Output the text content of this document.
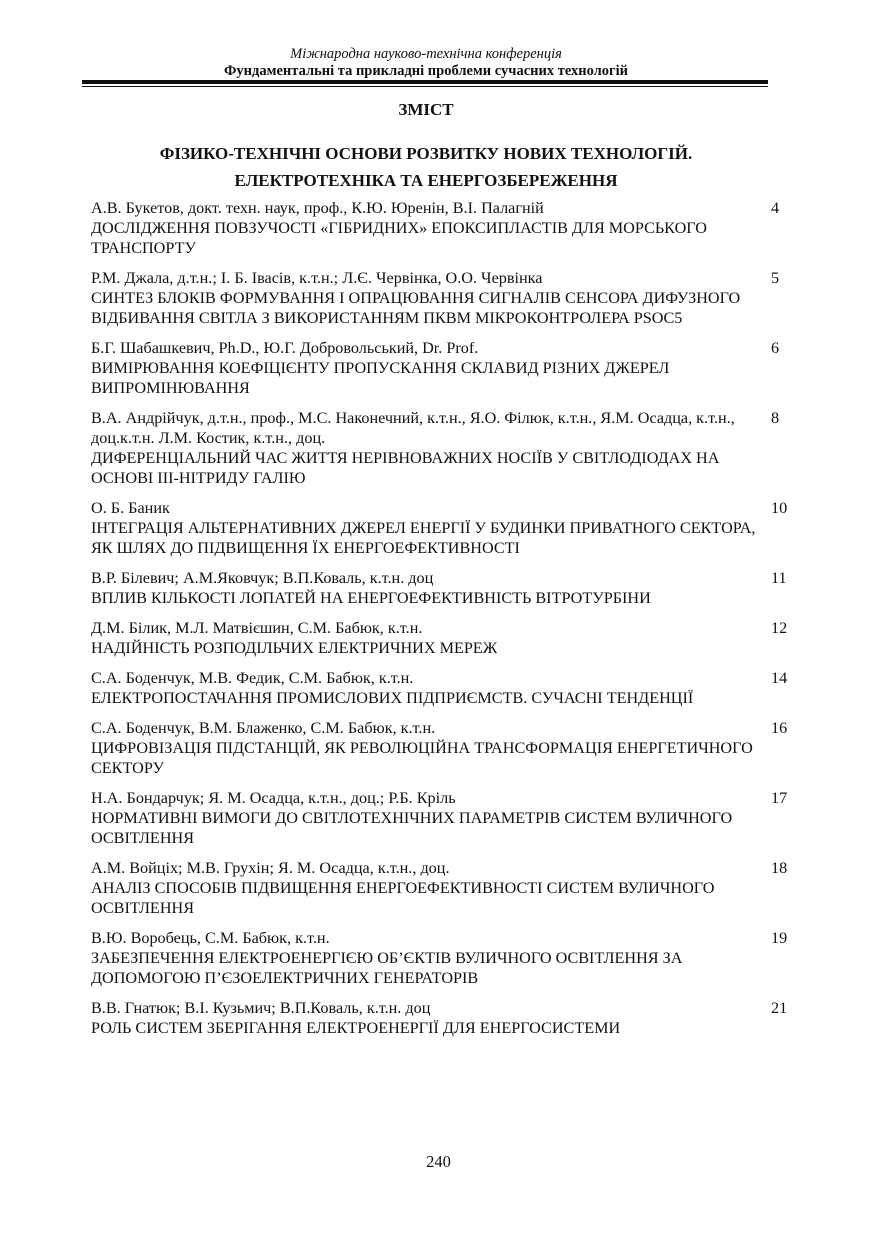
Міжнародна науково-технічна конференція
Фундаментальні та прикладні проблеми сучасних технологій
ЗМІСТ
ФІЗИКО-ТЕХНІЧНІ ОСНОВИ РОЗВИТКУ НОВИХ ТЕХНОЛОГІЙ.
ЕЛЕКТРОТЕХНІКА ТА ЕНЕРГОЗБЕРЕЖЕННЯ
А.В. Букетов, докт. техн. наук, проф., К.Ю. Юренін, В.І. Палагній
ДОСЛІДЖЕННЯ ПОВЗУЧОСТІ «ГІБРИДНИХ» ЕПОКСИПЛАСТІВ ДЛЯ МОРСЬКОГО ТРАНСПОРТУ
4
Р.М. Джала, д.т.н.; І. Б. Івасів, к.т.н.; Л.Є. Червінка, О.О. Червінка
СИНТЕЗ БЛОКІВ ФОРМУВАННЯ І ОПРАЦЮВАННЯ СИГНАЛІВ СЕНСОРА ДИФУЗНОГО ВІДБИВАННЯ СВІТЛА З ВИКОРИСТАННЯМ ПКВМ МІКРОКОНТРОЛЕРА PSOC5
5
Б.Г. Шабашкевич, Ph.D., Ю.Г. Добровольський, Dr. Prof.
ВИМІРЮВАННЯ КОЕФІЦІЄНТУ ПРОПУСКАННЯ СКЛАВИД РІЗНИХ ДЖЕРЕЛ ВИПРОМІНЮВАННЯ
6
В.А. Андрійчук, д.т.н., проф., М.С. Наконечний, к.т.н., Я.О. Філюк, к.т.н., Я.М. Осадца, к.т.н., доц.к.т.н. Л.М. Костик, к.т.н., доц.
ДИФЕРЕНЦІАЛЬНИЙ ЧАС ЖИТТЯ НЕРІВНОВАЖНИХ НОСІЇВ У СВІТЛОДІОДАХ НА ОСНОВІ ІІІ-НІТРИДУ ГАЛІЮ
8
О. Б. Баник
ІНТЕГРАЦІЯ АЛЬТЕРНАТИВНИХ ДЖЕРЕЛ ЕНЕРГІЇ У БУДИНКИ ПРИВАТНОГО СЕКТОРА, ЯК ШЛЯХ ДО ПІДВИЩЕННЯ ЇХ ЕНЕРГОЕФЕКТИВНОСТІ
10
В.Р. Білевич; А.М.Яковчук; В.П.Коваль, к.т.н. доц
ВПЛИВ КІЛЬКОСТІ ЛОПАТЕЙ НА ЕНЕРГОЕФЕКТИВНІСТЬ ВІТРОТУРБІНИ
11
Д.М. Білик, М.Л. Матвієшин, С.М. Бабюк, к.т.н.
НАДІЙНІСТЬ РОЗПОДІЛЬЧИХ ЕЛЕКТРИЧНИХ МЕРЕЖ
12
С.А. Боденчук, М.В. Федик, С.М. Бабюк, к.т.н.
ЕЛЕКТРОПОСТАЧАННЯ ПРОМИСЛОВИХ ПІДПРИЄМСТВ. СУЧАСНІ ТЕНДЕНЦІЇ
14
С.А. Боденчук, В.М. Блаженко, С.М. Бабюк, к.т.н.
ЦИФРОВІЗАЦІЯ ПІДСТАНЦІЙ, ЯК РЕВОЛЮЦІЙНА ТРАНСФОРМАЦІЯ ЕНЕРГЕТИЧНОГО СЕКТОРУ
16
Н.А. Бондарчук; Я. М. Осадца, к.т.н., доц.; Р.Б. Кріль
НОРМАТИВНІ ВИМОГИ ДО СВІТЛОТЕХНІЧНИХ ПАРАМЕТРІВ СИСТЕМ ВУЛИЧНОГО ОСВІТЛЕННЯ
17
А.М. Войціх; М.В. Грухін; Я. М. Осадца, к.т.н., доц.
АНАЛІЗ СПОСОБІВ ПІДВИЩЕННЯ ЕНЕРГОЕФЕКТИВНОСТІ СИСТЕМ ВУЛИЧНОГО ОСВІТЛЕННЯ
18
В.Ю. Воробець, С.М. Бабюк, к.т.н.
ЗАБЕЗПЕЧЕННЯ ЕЛЕКТРОЕНЕРГІЄЮ ОБ’ЄКТІВ ВУЛИЧНОГО ОСВІТЛЕННЯ ЗА ДОПОМОГОЮ П’ЄЗОЕЛЕКТРИЧНИХ ГЕНЕРАТОРІВ
19
В.В. Гнатюк; В.І. Кузьмич; В.П.Коваль, к.т.н. доц
РОЛЬ СИСТЕМ ЗБЕРІГАННЯ ЕЛЕКТРОЕНЕРГІЇ ДЛЯ ЕНЕРГОСИСТЕМИ
21
240
